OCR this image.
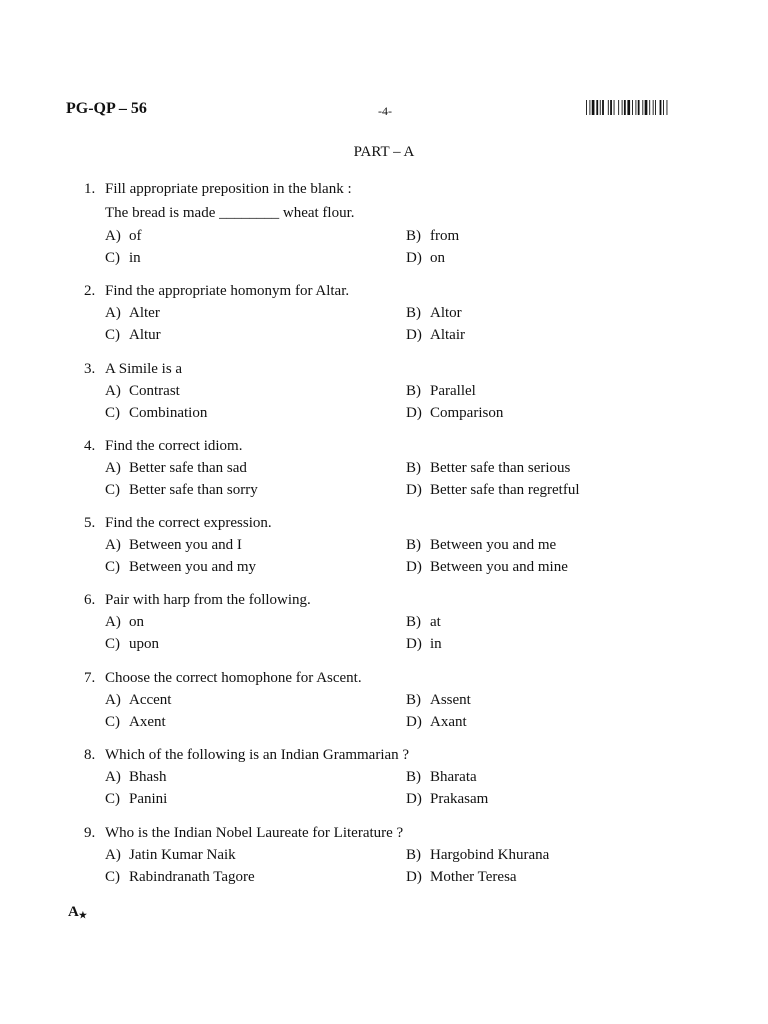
PG-QP – 56	-4-
PART – A
1. Fill appropriate preposition in the blank :
The bread is made ________ wheat flour.
A) of	B) from
C) in	D) on
2. Find the appropriate homonym for Altar.
A) Alter	B) Altor
C) Altur	D) Altair
3. A Simile is a
A) Contrast	B) Parallel
C) Combination	D) Comparison
4. Find the correct idiom.
A) Better safe than sad	B) Better safe than serious
C) Better safe than sorry	D) Better safe than regretful
5. Find the correct expression.
A) Between you and I	B) Between you and me
C) Between you and my	D) Between you and mine
6. Pair with harp from the following.
A) on	B) at
C) upon	D) in
7. Choose the correct homophone for Ascent.
A) Accent	B) Assent
C) Axent	D) Axant
8. Which of the following is an Indian Grammarian ?
A) Bhash	B) Bharata
C) Panini	D) Prakasam
9. Who is the Indian Nobel Laureate for Literature ?
A) Jatin Kumar Naik	B) Hargobind Khurana
C) Rabindranath Tagore	D) Mother Teresa
A★
